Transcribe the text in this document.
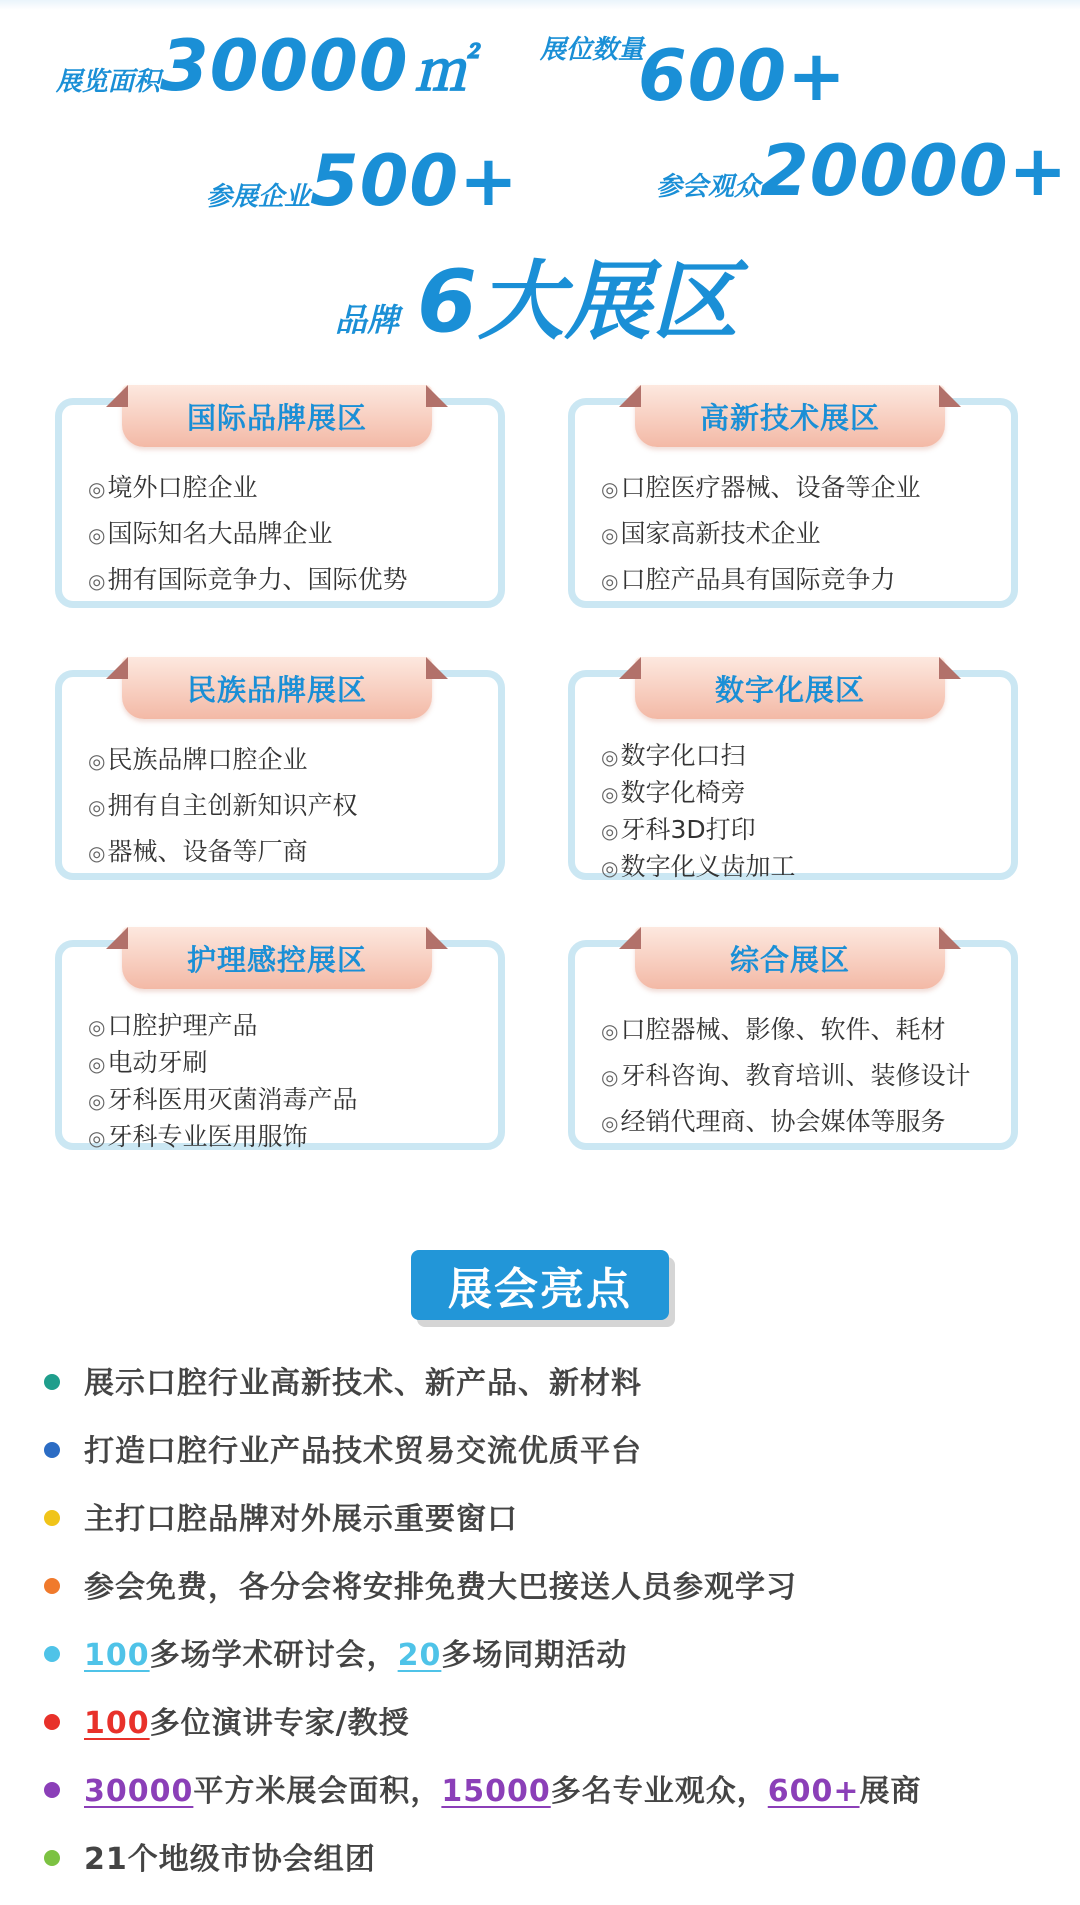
展览面积30000 ㎡	展位数量600+
参展企业500+	参会观众20000+
品牌 6大展区
国际品牌展区
◎ 境外口腔企业
◎ 国际知名大品牌企业
◎ 拥有国际竞争力、国际优势
高新技术展区
◎ 口腔医疗器械、设备等企业
◎ 国家高新技术企业
◎ 口腔产品具有国际竞争力
民族品牌展区
◎ 民族品牌口腔企业
◎ 拥有自主创新知识产权
◎ 器械、设备等厂商
数字化展区
◎ 数字化口扫
◎ 数字化椅旁
◎ 牙科3D打印
◎ 数字化义齿加工
护理感控展区
◎ 口腔护理产品
◎ 电动牙刷
◎ 牙科医用灭菌消毒产品
◎ 牙科专业医用服饰
综合展区
◎ 口腔器械、影像、软件、耗材
◎ 牙科咨询、教育培训、装修设计
◎ 经销代理商、协会媒体等服务
展会亮点
展示口腔行业高新技术、新产品、新材料
打造口腔行业产品技术贸易交流优质平台
主打口腔品牌对外展示重要窗口
参会免费，各分会将安排免费大巴接送人员参观学习
100多场学术研讨会，20多场同期活动
100多位演讲专家/教授
30000平方米展会面积，15000多名专业观众，600+展商
21个地级市协会组团
